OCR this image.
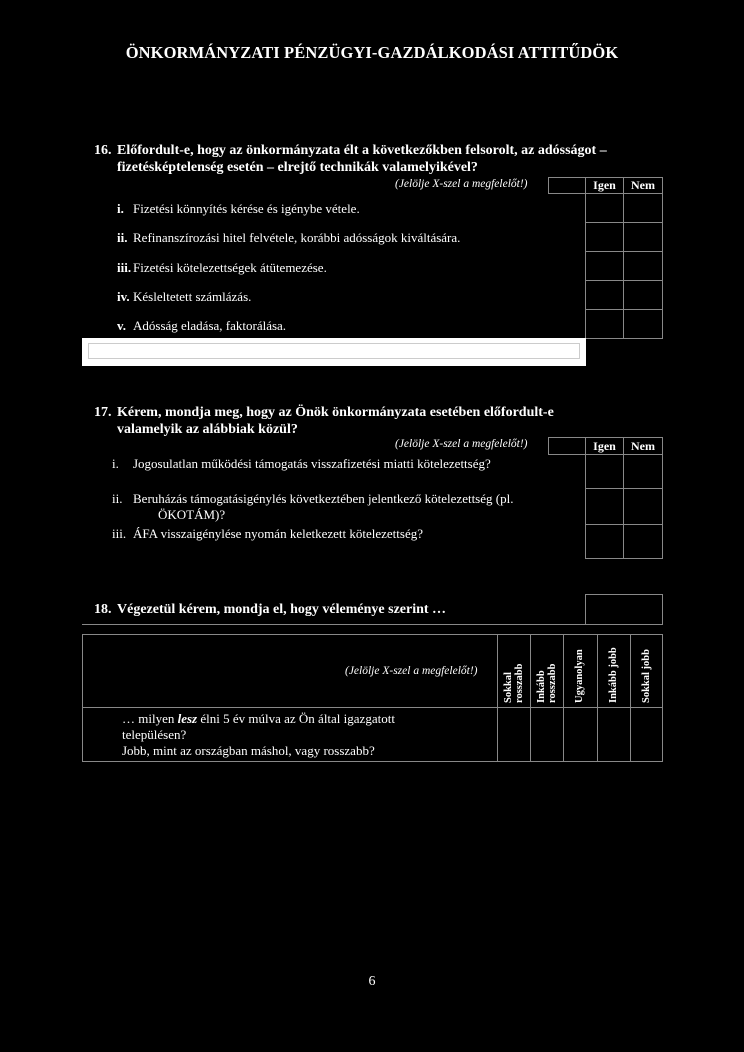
ÖNKORMÁNYZATI PÉNZÜGYI-GAZDÁLKODÁSI ATTITŰDÖK
16. Előfordult-e, hogy az önkormányzata élt a következőkben felsorolt, az adósságot –
fizetésképtelenség esetén – elrejtő technikák valamelyikével?
(Jelölje X-szel a megfelelőt!)	Igen	Nem
i. Fizetési könnyítés kérése és igénybe vétele.
ii. Refinanszírozási hitel felvétele, korábbi adósságok kiváltására.
iii. Fizetési kötelezettségek átütemezése.
iv. Késleltetett számlázás.
v. Adósság eladása, faktorálása.
17. Kérem, mondja meg, hogy az Önök önkormányzata esetében előfordult-e
valamelyik az alábbiak közül?
(Jelölje X-szel a megfelelőt!)	Igen	Nem
i. Jogosulatlan működési támogatás visszafizetési miatti kötelezettség?
ii. Beruházás támogatásigénylés következtében jelentkező kötelezettség (pl.
ÖKOTÁM)?
iii. ÁFA visszaigénylése nyomán keletkezett kötelezettség?
18. Végezetül kérem, mondja el, hogy véleménye szerint …
(Jelölje X-szel a megfelelőt!)
Sokkal rosszabb Inkább rosszabb Ugyanolyan Inkább jobb Sokkal jobb
… milyen lesz élni 5 év múlva az Ön által igazgatott
településen?
Jobb, mint az országban máshol, vagy rosszabb?
6
